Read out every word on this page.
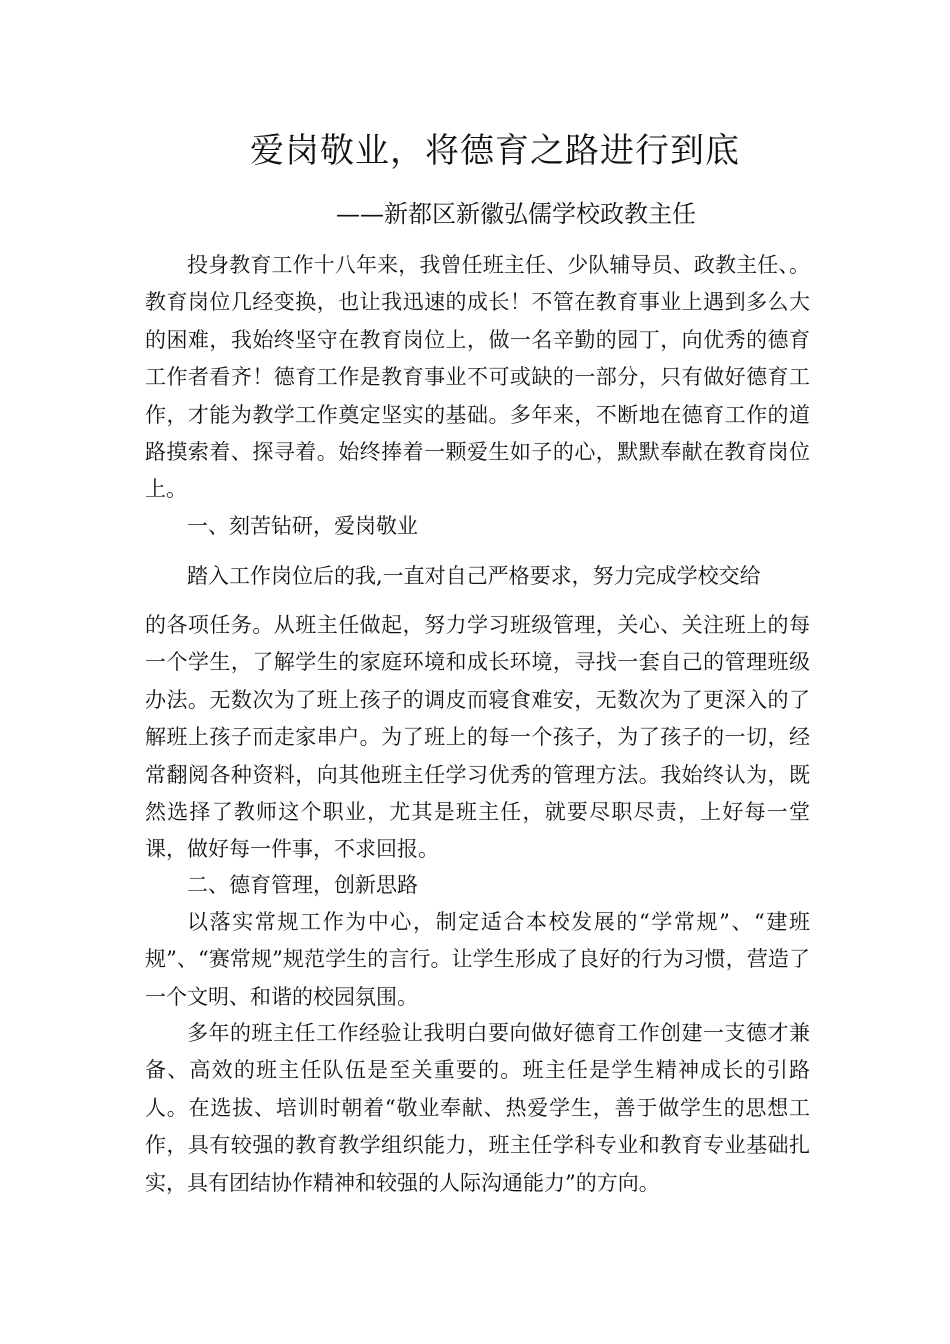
爱岗敬业，将德育之路进行到底
——新都区新徽弘儒学校政教主任

投身教育工作十八年来，我曾任班主任、少队辅导员、政教主任、。教育岗位几经变换，也让我迅速的成长！不管在教育事业上遇到多么大的困难，我始终坚守在教育岗位上，做一名辛勤的园丁，向优秀的德育工作者看齐！德育工作是教育事业不可或缺的一部分，只有做好德育工作，才能为教学工作奠定坚实的基础。多年来，不断地在德育工作的道路摸索着、探寻着。始终捧着一颗爱生如子的心，默默奉献在教育岗位上。

一、刻苦钻研，爱岗敬业

踏入工作岗位后的我,一直对自己严格要求，努力完成学校交给

的各项任务。从班主任做起，努力学习班级管理，关心、关注班上的每一个学生，了解学生的家庭环境和成长环境，寻找一套自己的管理班级办法。无数次为了班上孩子的调皮而寝食难安，无数次为了更深入的了解班上孩子而走家串户。为了班上的每一个孩子，为了孩子的一切，经常翻阅各种资料，向其他班主任学习优秀的管理方法。我始终认为，既然选择了教师这个职业，尤其是班主任，就要尽职尽责，上好每一堂课，做好每一件事，不求回报。

二、德育管理，创新思路

以落实常规工作为中心，制定适合本校发展的“学常规”、“建班规”、“赛常规”规范学生的言行。让学生形成了良好的行为习惯，营造了一个文明、和谐的校园氛围。

多年的班主任工作经验让我明白要向做好德育工作创建一支德才兼备、高效的班主任队伍是至关重要的。班主任是学生精神成长的引路人。在选拔、培训时朝着“敬业奉献、热爱学生，善于做学生的思想工作，具有较强的教育教学组织能力，班主任学科专业和教育专业基础扎实，具有团结协作精神和较强的人际沟通能力”的方向。
